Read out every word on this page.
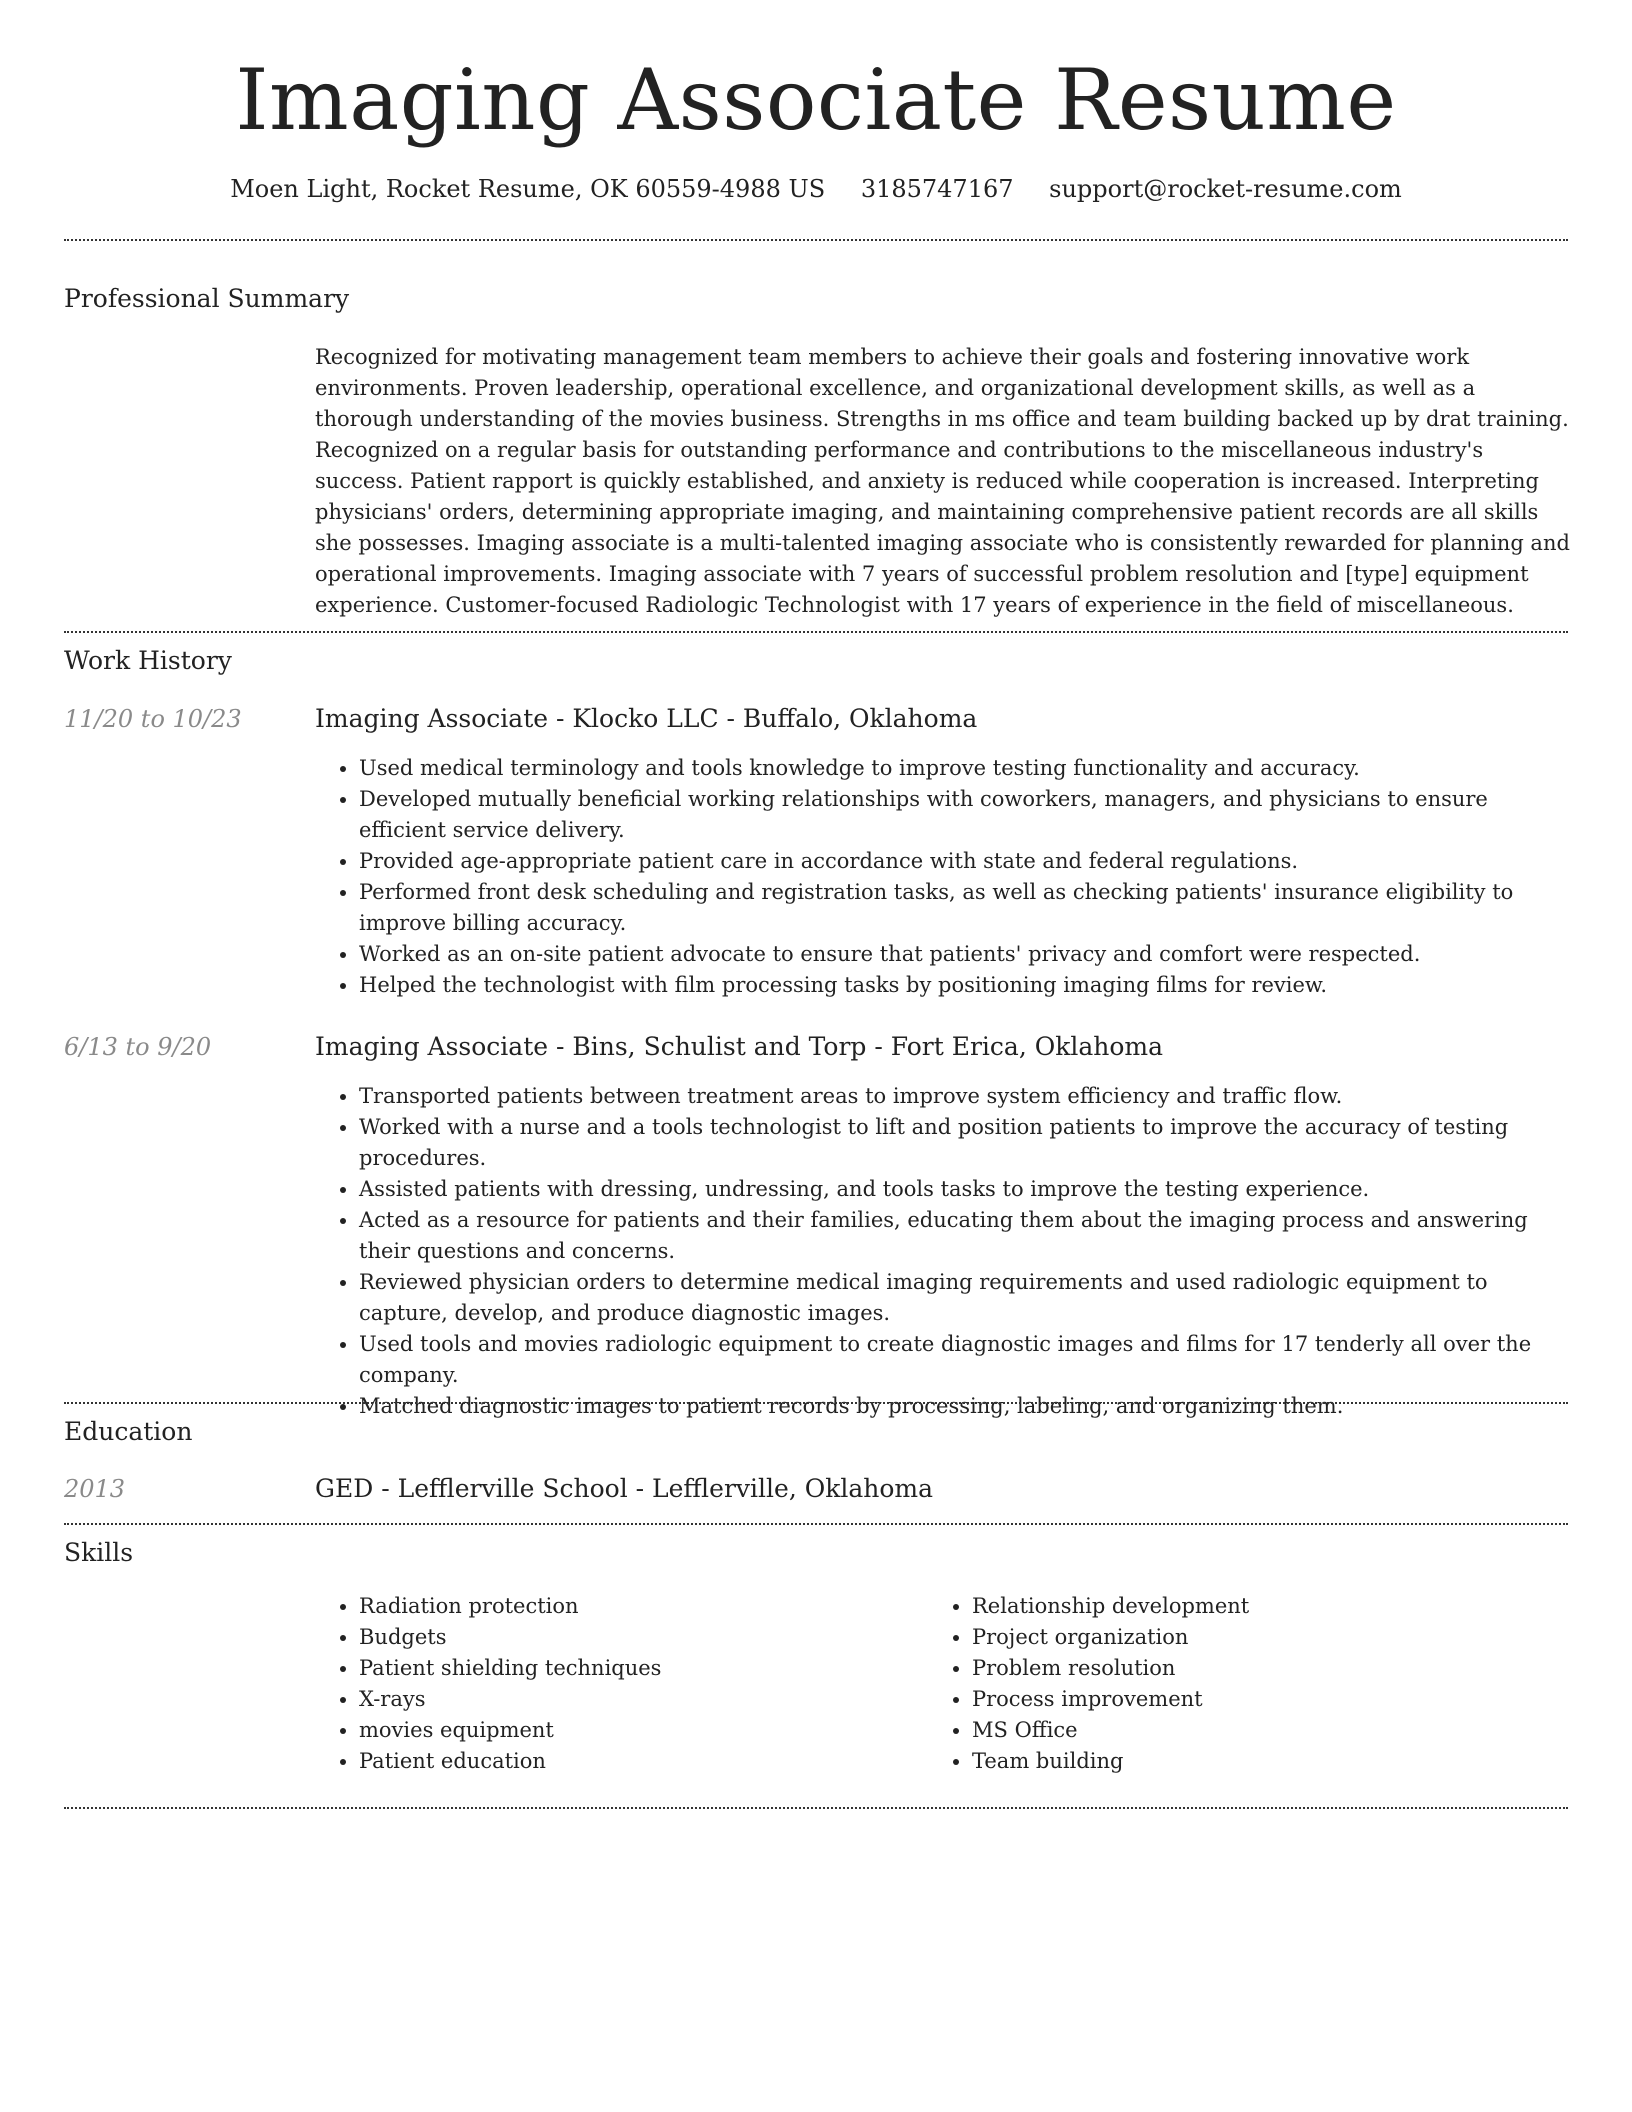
Imaging Associate Resume
Moen Light, Rocket Resume, OK 60559-4988 US 3185747167 support@rocket-resume.com
Professional Summary
Recognized for motivating management team members to achieve their goals and fostering innovative work environments. Proven leadership, operational excellence, and organizational development skills, as well as a thorough understanding of the movies business. Strengths in ms office and team building backed up by drat training. Recognized on a regular basis for outstanding performance and contributions to the miscellaneous industry's success. Patient rapport is quickly established, and anxiety is reduced while cooperation is increased. Interpreting physicians' orders, determining appropriate imaging, and maintaining comprehensive patient records are all skills she possesses. Imaging associate is a multi-talented imaging associate who is consistently rewarded for planning and operational improvements. Imaging associate with 7 years of successful problem resolution and [type] equipment experience. Customer-focused Radiologic Technologist with 17 years of experience in the field of miscellaneous.
Work History
11/20 to 10/23	Imaging Associate - Klocko LLC - Buffalo, Oklahoma
• Used medical terminology and tools knowledge to improve testing functionality and accuracy.
• Developed mutually beneficial working relationships with coworkers, managers, and physicians to ensure efficient service delivery.
• Provided age-appropriate patient care in accordance with state and federal regulations.
• Performed front desk scheduling and registration tasks, as well as checking patients' insurance eligibility to improve billing accuracy.
• Worked as an on-site patient advocate to ensure that patients' privacy and comfort were respected.
• Helped the technologist with film processing tasks by positioning imaging films for review.
6/13 to 9/20	Imaging Associate - Bins, Schulist and Torp - Fort Erica, Oklahoma
• Transported patients between treatment areas to improve system efficiency and traffic flow.
• Worked with a nurse and a tools technologist to lift and position patients to improve the accuracy of testing procedures.
• Assisted patients with dressing, undressing, and tools tasks to improve the testing experience.
• Acted as a resource for patients and their families, educating them about the imaging process and answering their questions and concerns.
• Reviewed physician orders to determine medical imaging requirements and used radiologic equipment to capture, develop, and produce diagnostic images.
• Used tools and movies radiologic equipment to create diagnostic images and films for 17 tenderly all over the company.
• Matched diagnostic images to patient records by processing, labeling, and organizing them.
Education
2013	GED - Lefflerville School - Lefflerville, Oklahoma
Skills
• Radiation protection
• Budgets
• Patient shielding techniques
• X-rays
• movies equipment
• Patient education
• Relationship development
• Project organization
• Problem resolution
• Process improvement
• MS Office
• Team building
